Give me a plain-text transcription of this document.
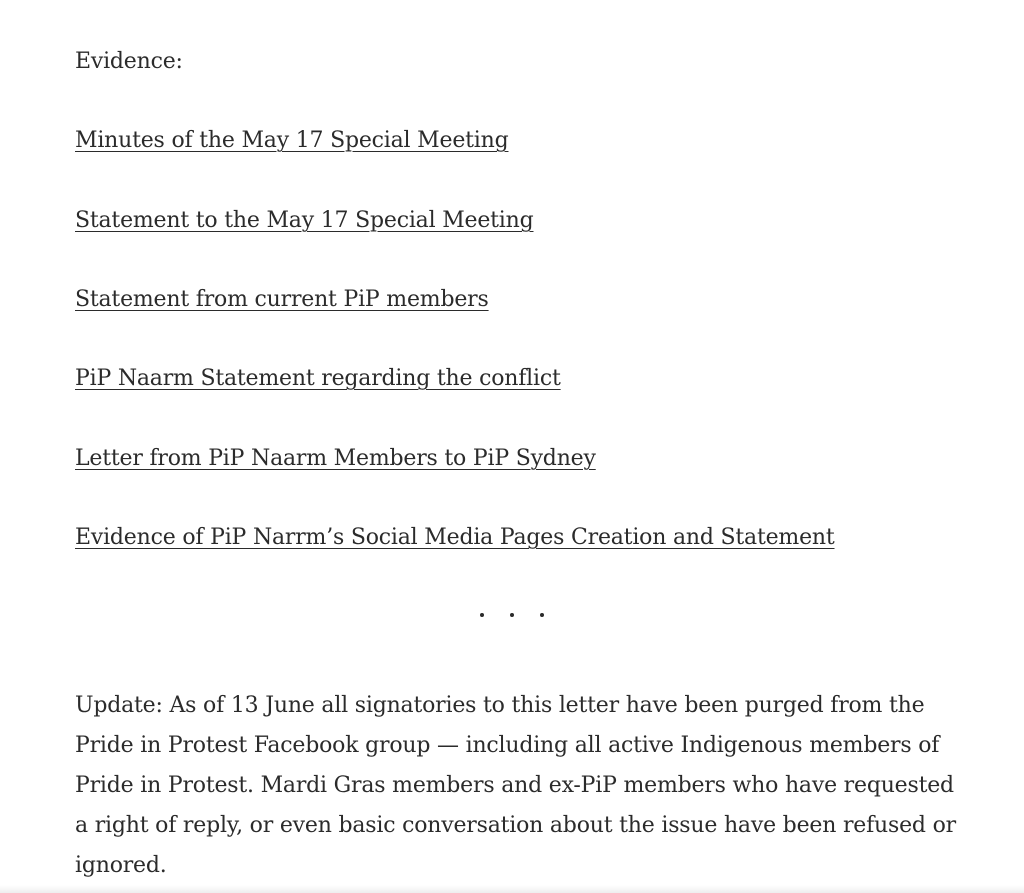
Evidence:

Minutes of the May 17 Special Meeting
Statement to the May 17 Special Meeting
Statement from current PiP members
PiP Naarm Statement regarding the conflict
Letter from PiP Naarm Members to PiP Sydney
Evidence of PiP Narrm’s Social Media Pages Creation and Statement

Update: As of 13 June all signatories to this letter have been purged from the Pride in Protest Facebook group — including all active Indigenous members of Pride in Protest. Mardi Gras members and ex-PiP members who have requested a right of reply, or even basic conversation about the issue have been refused or ignored.
